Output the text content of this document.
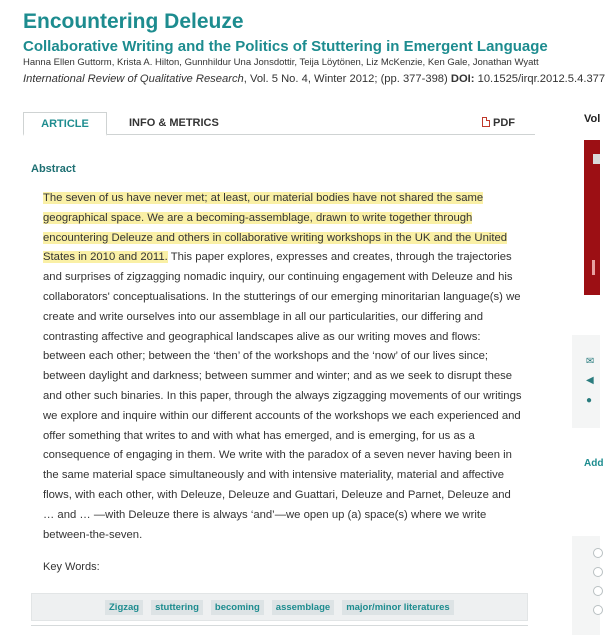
Encountering Deleuze
Collaborative Writing and the Politics of Stuttering in Emergent Language
Hanna Ellen Guttorm, Krista A. Hilton, Gunnhildur Una Jonsdottir, Teija Löytönen, Liz McKenzie, Ken Gale, Jonathan Wyatt
International Review of Qualitative Research, Vol. 5 No. 4, Winter 2012; (pp. 377-398) DOI: 10.1525/irqr.2012.5.4.377
ARTICLE	INFO & METRICS	PDF
Abstract
The seven of us have never met; at least, our material bodies have not shared the same geographical space. We are a becoming-assemblage, drawn to write together through encountering Deleuze and others in collaborative writing workshops in the UK and the United States in 2010 and 2011. This paper explores, expresses and creates, through the trajectories and surprises of zigzagging nomadic inquiry, our continuing engagement with Deleuze and his collaborators' conceptualisations. In the stutterings of our emerging minoritarian language(s) we create and write ourselves into our assemblage in all our particularities, our differing and contrasting affective and geographical landscapes alive as our writing moves and flows: between each other; between the ‘then’ of the workshops and the ‘now’ of our lives since; between daylight and darkness; between summer and winter; and as we seek to disrupt these and other such binaries. In this paper, through the always zigzagging movements of our writings we explore and inquire within our different accounts of the workshops we each experienced and offer something that writes to and with what has emerged, and is emerging, for us as a consequence of engaging in them. We write with the paradox of a seven never having been in the same material space simultaneously and with intensive materiality, material and affective flows, with each other, with Deleuze, Deleuze and Guattari, Deleuze and Parnet, Deleuze and … and … —with Deleuze there is always ‘and’—we open up (a) space(s) where we write between-the-seven.
Key Words:
Zigzag	stuttering	becoming	assemblage	major/minor literatures
Vol
✉
◀
●
Add
